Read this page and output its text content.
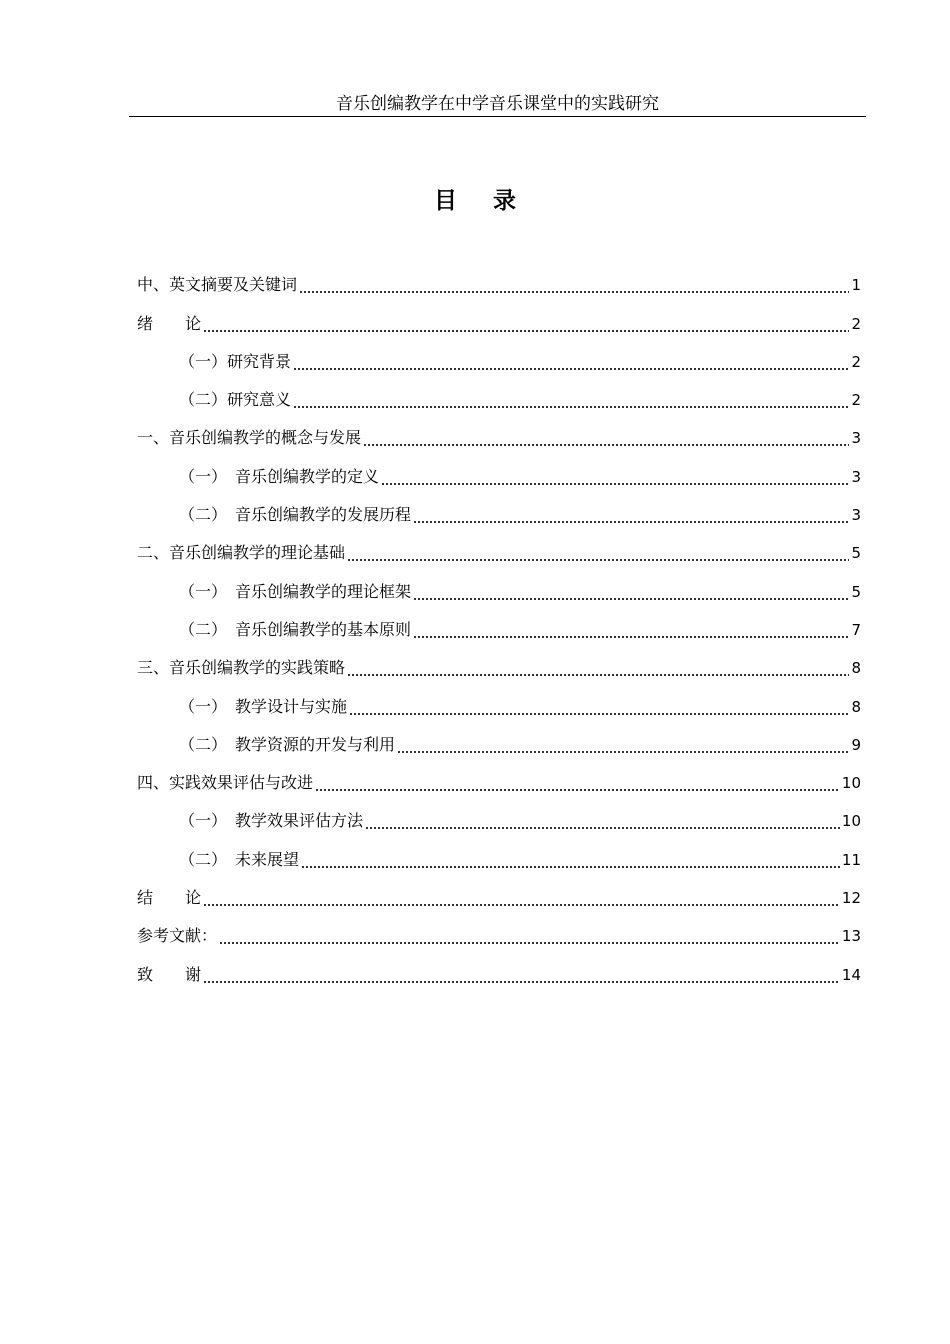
音乐创编教学在中学音乐课堂中的实践研究
目录
中、英文摘要及关键词	1
绪　　论	2
（一）研究背景	2
（二）研究意义	2
一、音乐创编教学的概念与发展	3
（一）　音乐创编教学的定义	3
（二）　音乐创编教学的发展历程	3
二、音乐创编教学的理论基础	5
（一）　音乐创编教学的理论框架	5
（二）　音乐创编教学的基本原则	7
三、音乐创编教学的实践策略	8
（一）　教学设计与实施	8
（二）　教学资源的开发与利用	9
四、实践效果评估与改进	10
（一）　教学效果评估方法	10
（二）　未来展望	11
结　　论	12
参考文献：	13
致　　谢	14
